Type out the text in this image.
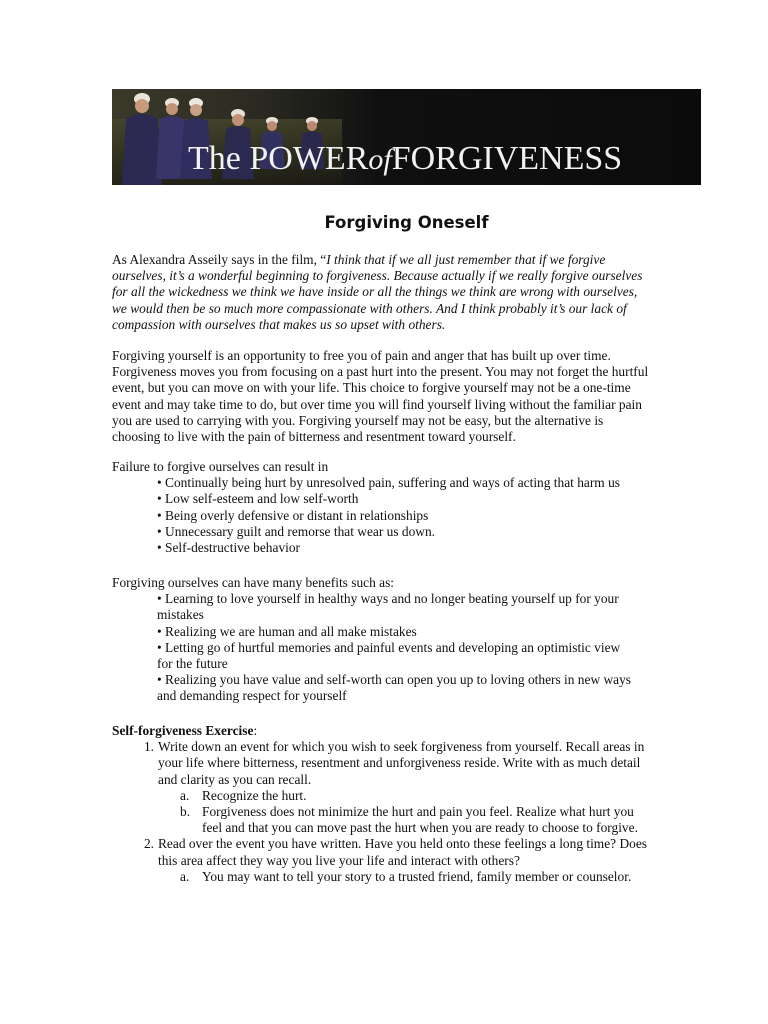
The POWERofFORGIVENESS
Forgiving Oneself
As Alexandra Asseily says in the film, “I think that if we all just remember that if we forgive ourselves, it’s a wonderful beginning to forgiveness. Because actually if we really forgive ourselves for all the wickedness we think we have inside or all the things we think are wrong with ourselves, we would then be so much more compassionate with others. And I think probably it’s our lack of compassion with ourselves that makes us so upset with others.
Forgiving yourself is an opportunity to free you of pain and anger that has built up over time. Forgiveness moves you from focusing on a past hurt into the present. You may not forget the hurtful event, but you can move on with your life. This choice to forgive yourself may not be a one-time event and may take time to do, but over time you will find yourself living without the familiar pain you are used to carrying with you. Forgiving yourself may not be easy, but the alternative is choosing to live with the pain of bitterness and resentment toward yourself.
Failure to forgive ourselves can result in
• Continually being hurt by unresolved pain, suffering and ways of acting that harm us
• Low self-esteem and low self-worth
• Being overly defensive or distant in relationships
• Unnecessary guilt and remorse that wear us down.
• Self-destructive behavior
Forgiving ourselves can have many benefits such as:
• Learning to love yourself in healthy ways and no longer beating yourself up for your
mistakes
• Realizing we are human and all make mistakes
• Letting go of hurtful memories and painful events and developing an optimistic view
for the future
• Realizing you have value and self-worth can open you up to loving others in new ways
and demanding respect for yourself
Self-forgiveness Exercise:
1. Write down an event for which you wish to seek forgiveness from yourself. Recall areas in your life where bitterness, resentment and unforgiveness reside. Write with as much detail and clarity as you can recall.
a. Recognize the hurt.
b. Forgiveness does not minimize the hurt and pain you feel. Realize what hurt you feel and that you can move past the hurt when you are ready to choose to forgive.
2. Read over the event you have written. Have you held onto these feelings a long time? Does this area affect they way you live your life and interact with others?
a. You may want to tell your story to a trusted friend, family member or counselor.
